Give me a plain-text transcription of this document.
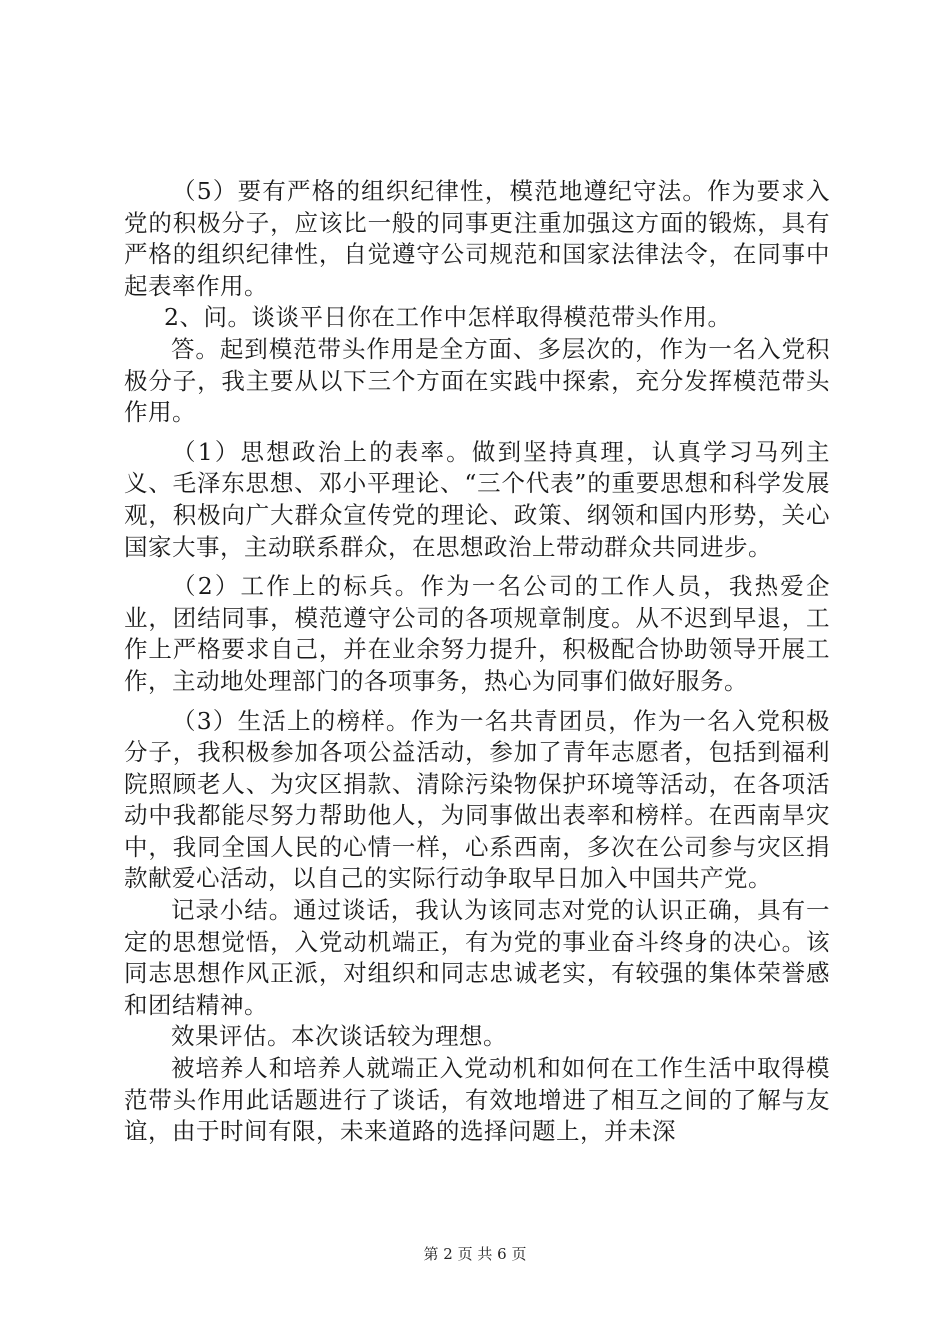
（5）要有严格的组织纪律性，模范地遵纪守法。作为要求入党的积极分子，应该比一般的同事更注重加强这方面的锻炼，具有严格的组织纪律性，自觉遵守公司规范和国家法律法令，在同事中起表率作用。

2、问。谈谈平日你在工作中怎样取得模范带头作用。

答。起到模范带头作用是全方面、多层次的，作为一名入党积极分子，我主要从以下三个方面在实践中探索，充分发挥模范带头作用。

（1）思想政治上的表率。做到坚持真理，认真学习马列主义、毛泽东思想、邓小平理论、“三个代表”的重要思想和科学发展观，积极向广大群众宣传党的理论、政策、纲领和国内形势，关心国家大事，主动联系群众，在思想政治上带动群众共同进步。

（2）工作上的标兵。作为一名公司的工作人员，我热爱企业，团结同事，模范遵守公司的各项规章制度。从不迟到早退，工作上严格要求自己，并在业余努力提升，积极配合协助领导开展工作，主动地处理部门的各项事务，热心为同事们做好服务。

（3）生活上的榜样。作为一名共青团员，作为一名入党积极分子，我积极参加各项公益活动，参加了青年志愿者，包括到福利院照顾老人、为灾区捐款、清除污染物保护环境等活动，在各项活动中我都能尽努力帮助他人，为同事做出表率和榜样。在西南旱灾中，我同全国人民的心情一样，心系西南，多次在公司参与灾区捐款献爱心活动，以自己的实际行动争取早日加入中国共产党。

记录小结。通过谈话，我认为该同志对党的认识正确，具有一定的思想觉悟，入党动机端正，有为党的事业奋斗终身的决心。该同志思想作风正派，对组织和同志忠诚老实，有较强的集体荣誉感和团结精神。

效果评估。本次谈话较为理想。

被培养人和培养人就端正入党动机和如何在工作生活中取得模范带头作用此话题进行了谈话，有效地增进了相互之间的了解与友谊，由于时间有限，未来道路的选择问题上，并未深

第 2 页 共 6 页
